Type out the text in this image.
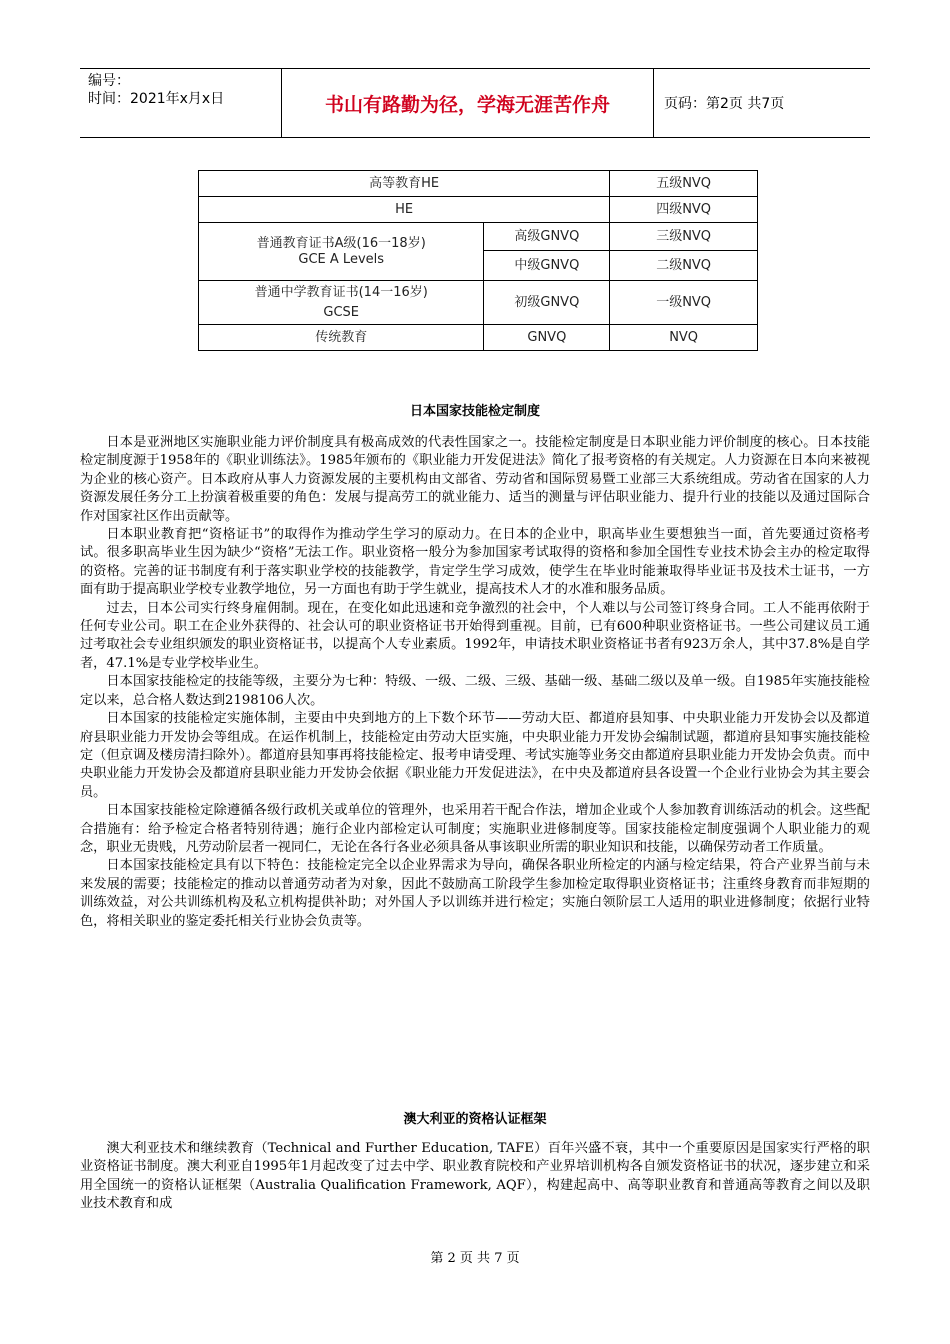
编号：
时间：2021年x月x日	书山有路勤为径，学海无涯苦作舟	页码：第2页 共7页
高等教育HE		五级NVQ
HE		四级NVQ

普通教育证书A级(16一18岁)
GCE A Levels	高级GNVQ	三级NVQ
	中级GNVQ	二级NVQ

普通中学教育证书(14一16岁)
GCSE	初级GNVQ	一级NVQ
传统教育	GNVQ	NVQ
日本国家技能检定制度

日本是亚洲地区实施职业能力评价制度具有极高成效的代表性国家之一。技能检定制度是日本职业能力评价制度的核心。日本技能检定制度源于1958年的《职业训练法》。1985年颁布的《职业能力开发促进法》简化了报考资格的有关规定。人力资源在日本向来被视为企业的核心资产。日本政府从事人力资源发展的主要机构由文部省、劳动省和国际贸易暨工业部三大系统组成。劳动省在国家的人力资源发展任务分工上扮演着极重要的角色：发展与提高劳工的就业能力、适当的测量与评估职业能力、提升行业的技能以及通过国际合作对国家社区作出贡献等。

日本职业教育把“资格证书”的取得作为推动学生学习的原动力。在日本的企业中，职高毕业生要想独当一面，首先要通过资格考试。很多职高毕业生因为缺少“资格”无法工作。职业资格一般分为参加国家考试取得的资格和参加全国性专业技术协会主办的检定取得的资格。完善的证书制度有利于落实职业学校的技能教学，肯定学生学习成效，使学生在毕业时能兼取得毕业证书及技术士证书，一方面有助于提高职业学校专业教学地位，另一方面也有助于学生就业，提高技术人才的水准和服务品质。

过去，日本公司实行终身雇佣制。现在，在变化如此迅速和竞争激烈的社会中，个人难以与公司签订终身合同。工人不能再依附于任何专业公司。职工在企业外获得的、社会认可的职业资格证书开始得到重视。目前，已有600种职业资格证书。一些公司建议员工通过考取社会专业组织颁发的职业资格证书，以提高个人专业素质。1992年，申请技术职业资格证书者有923万余人，其中37.8%是自学者，47.1%是专业学校毕业生。

日本国家技能检定的技能等级，主要分为七种：特级、一级、二级、三级、基础一级、基础二级以及单一级。自1985年实施技能检定以来，总合格人数达到2198106人次。

日本国家的技能检定实施体制，主要由中央到地方的上下数个环节——劳动大臣、都道府县知事、中央职业能力开发协会以及都道府县职业能力开发协会等组成。在运作机制上，技能检定由劳动大臣实施，中央职业能力开发协会编制试题，都道府县知事实施技能检定（但京调及楼房清扫除外）。都道府县知事再将技能检定、报考申请受理、考试实施等业务交由都道府县职业能力开发协会负责。而中央职业能力开发协会及都道府县职业能力开发协会依据《职业能力开发促进法》，在中央及都道府县各设置一个企业行业协会为其主要会员。

日本国家技能检定除遵循各级行政机关或单位的管理外，也采用若干配合作法，增加企业或个人参加教育训练活动的机会。这些配合措施有：给予检定合格者特别待遇；施行企业内部检定认可制度；实施职业进修制度等。国家技能检定制度强调个人职业能力的观念，职业无贵贱，凡劳动阶层者一视同仁，无论在各行各业必须具备从事该职业所需的职业知识和技能，以确保劳动者工作质量。

日本国家技能检定具有以下特色：技能检定完全以企业界需求为导向，确保各职业所检定的内涵与检定结果，符合产业界当前与未来发展的需要；技能检定的推动以普通劳动者为对象，因此不鼓励高工阶段学生参加检定取得职业资格证书；注重终身教育而非短期的训练效益，对公共训练机构及私立机构提供补助；对外国人予以训练并进行检定；实施白领阶层工人适用的职业进修制度；依据行业特色，将相关职业的鉴定委托相关行业协会负责等。

澳大利亚的资格认证框架

澳大利亚技术和继续教育（Technical and Further Education, TAFE）百年兴盛不衰，其中一个重要原因是国家实行严格的职业资格证书制度。澳大利亚自1995年1月起改变了过去中学、职业教育院校和产业界培训机构各自颁发资格证书的状况，逐步建立和采用全国统一的资格认证框架（Australia Qualification Framework, AQF），构建起高中、高等职业教育和普通高等教育之间以及职业技术教育和成

第 2 页 共 7 页
